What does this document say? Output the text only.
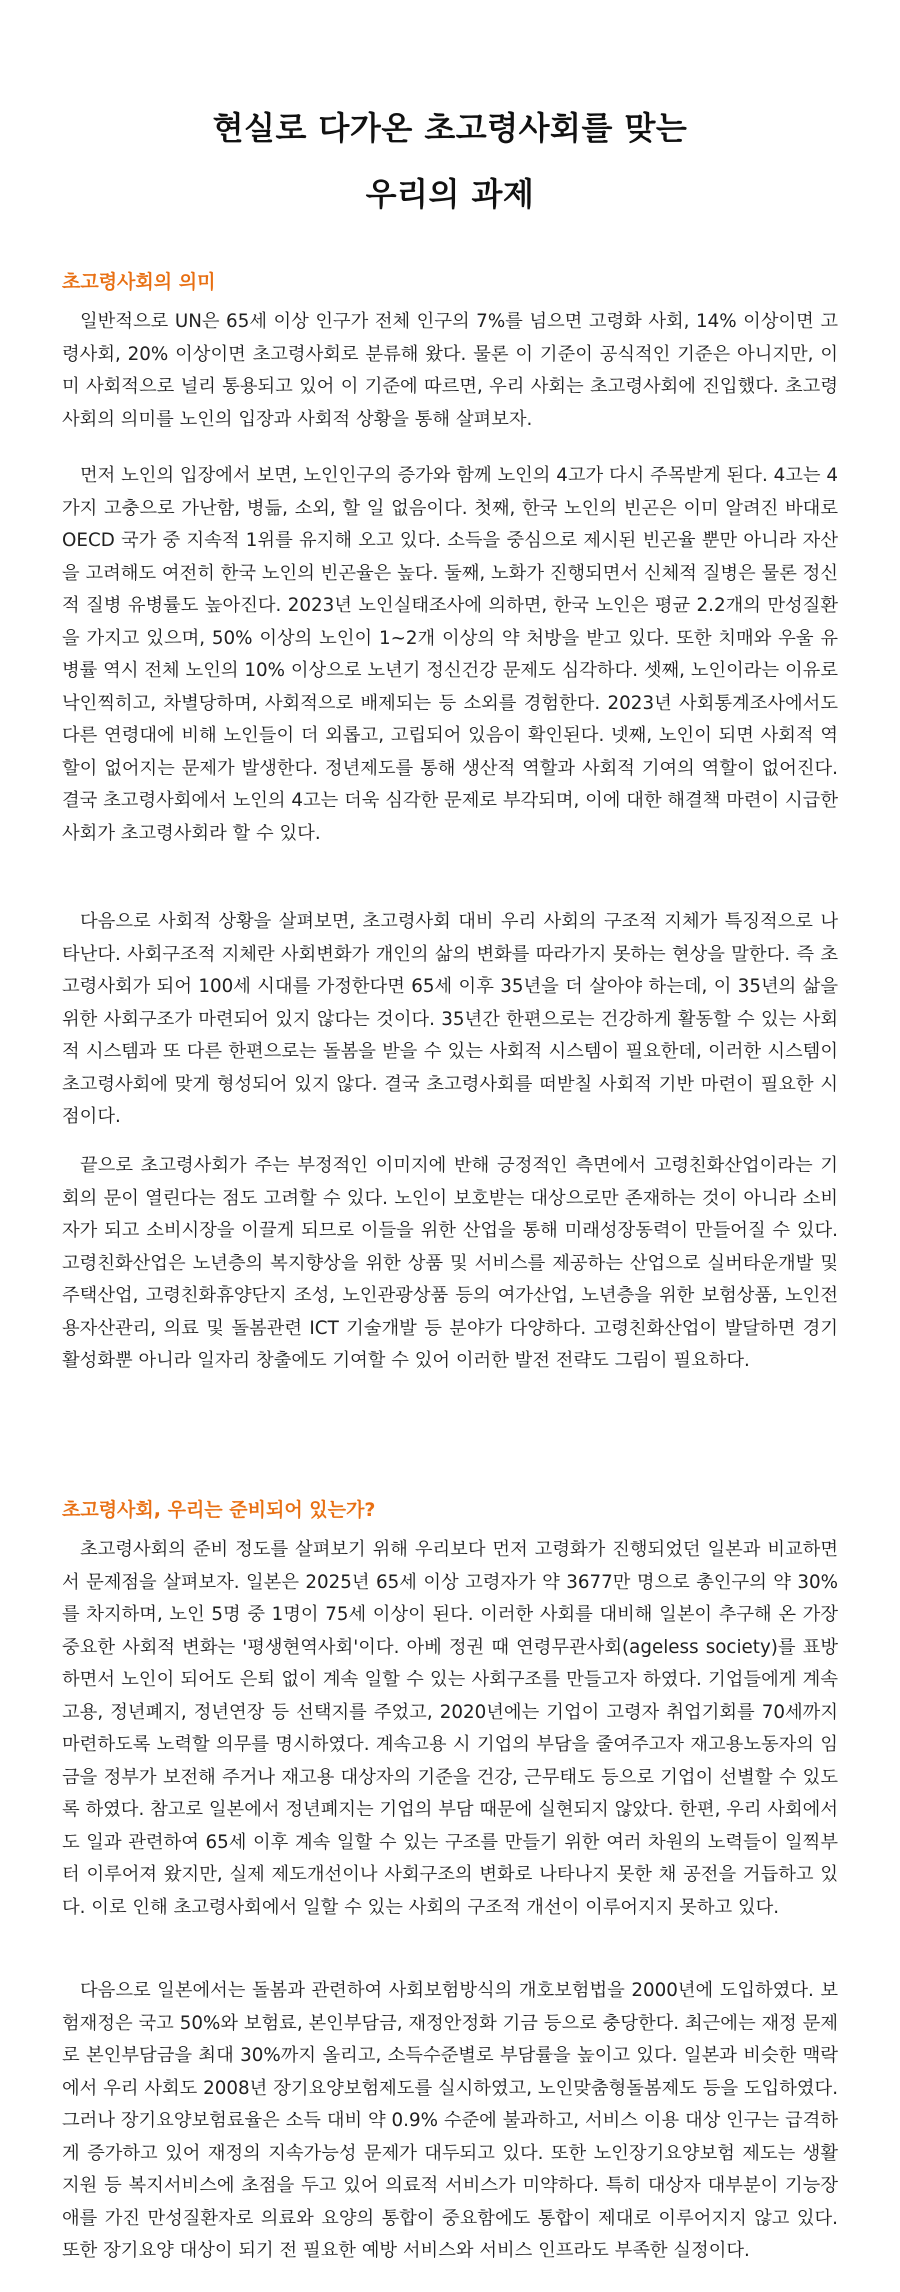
현실로 다가온 초고령사회를 맞는
우리의 과제
초고령사회의 의미

일반적으로 UN은 65세 이상 인구가 전체 인구의 7%를 넘으면 고령화 사회, 14% 이상이면 고령사회, 20% 이상이면 초고령사회로 분류해 왔다. 물론 이 기준이 공식적인 기준은 아니지만, 이미 사회적으로 널리 통용되고 있어 이 기준에 따르면, 우리 사회는 초고령사회에 진입했다. 초고령사회의 의미를 노인의 입장과 사회적 상황을 통해 살펴보자.

먼저 노인의 입장에서 보면, 노인인구의 증가와 함께 노인의 4고가 다시 주목받게 된다. 4고는 4가지 고충으로 가난함, 병듦, 소외, 할 일 없음이다. 첫째, 한국 노인의 빈곤은 이미 알려진 바대로 OECD 국가 중 지속적 1위를 유지해 오고 있다. 소득을 중심으로 제시된 빈곤율 뿐만 아니라 자산을 고려해도 여전히 한국 노인의 빈곤율은 높다. 둘째, 노화가 진행되면서 신체적 질병은 물론 정신적 질병 유병률도 높아진다. 2023년 노인실태조사에 의하면, 한국 노인은 평균 2.2개의 만성질환을 가지고 있으며, 50% 이상의 노인이 1~2개 이상의 약 처방을 받고 있다. 또한 치매와 우울 유병률 역시 전체 노인의 10% 이상으로 노년기 정신건강 문제도 심각하다. 셋째, 노인이라는 이유로 낙인찍히고, 차별당하며, 사회적으로 배제되는 등 소외를 경험한다. 2023년 사회통계조사에서도 다른 연령대에 비해 노인들이 더 외롭고, 고립되어 있음이 확인된다. 넷째, 노인이 되면 사회적 역할이 없어지는 문제가 발생한다. 정년제도를 통해 생산적 역할과 사회적 기여의 역할이 없어진다. 결국 초고령사회에서 노인의 4고는 더욱 심각한 문제로 부각되며, 이에 대한 해결책 마련이 시급한 사회가 초고령사회라 할 수 있다.

다음으로 사회적 상황을 살펴보면, 초고령사회 대비 우리 사회의 구조적 지체가 특징적으로 나타난다. 사회구조적 지체란 사회변화가 개인의 삶의 변화를 따라가지 못하는 현상을 말한다. 즉 초고령사회가 되어 100세 시대를 가정한다면 65세 이후 35년을 더 살아야 하는데, 이 35년의 삶을 위한 사회구조가 마련되어 있지 않다는 것이다. 35년간 한편으로는 건강하게 활동할 수 있는 사회적 시스템과 또 다른 한편으로는 돌봄을 받을 수 있는 사회적 시스템이 필요한데, 이러한 시스템이 초고령사회에 맞게 형성되어 있지 않다. 결국 초고령사회를 떠받칠 사회적 기반 마련이 필요한 시점이다.

끝으로 초고령사회가 주는 부정적인 이미지에 반해 긍정적인 측면에서 고령친화산업이라는 기회의 문이 열린다는 점도 고려할 수 있다. 노인이 보호받는 대상으로만 존재하는 것이 아니라 소비자가 되고 소비시장을 이끌게 되므로 이들을 위한 산업을 통해 미래성장동력이 만들어질 수 있다. 고령친화산업은 노년층의 복지향상을 위한 상품 및 서비스를 제공하는 산업으로 실버타운개발 및 주택산업, 고령친화휴양단지 조성, 노인관광상품 등의 여가산업, 노년층을 위한 보험상품, 노인전용자산관리, 의료 및 돌봄관련 ICT 기술개발 등 분야가 다양하다. 고령친화산업이 발달하면 경기 활성화뿐 아니라 일자리 창출에도 기여할 수 있어 이러한 발전 전략도 그림이 필요하다.

초고령사회, 우리는 준비되어 있는가?

초고령사회의 준비 정도를 살펴보기 위해 우리보다 먼저 고령화가 진행되었던 일본과 비교하면서 문제점을 살펴보자. 일본은 2025년 65세 이상 고령자가 약 3677만 명으로 총인구의 약 30%를 차지하며, 노인 5명 중 1명이 75세 이상이 된다. 이러한 사회를 대비해 일본이 추구해 온 가장 중요한 사회적 변화는 '평생현역사회'이다. 아베 정권 때 연령무관사회(ageless society)를 표방하면서 노인이 되어도 은퇴 없이 계속 일할 수 있는 사회구조를 만들고자 하였다. 기업들에게 계속고용, 정년폐지, 정년연장 등 선택지를 주었고, 2020년에는 기업이 고령자 취업기회를 70세까지 마련하도록 노력할 의무를 명시하였다. 계속고용 시 기업의 부담을 줄여주고자 재고용노동자의 임금을 정부가 보전해 주거나 재고용 대상자의 기준을 건강, 근무태도 등으로 기업이 선별할 수 있도록 하였다. 참고로 일본에서 정년폐지는 기업의 부담 때문에 실현되지 않았다. 한편, 우리 사회에서도 일과 관련하여 65세 이후 계속 일할 수 있는 구조를 만들기 위한 여러 차원의 노력들이 일찍부터 이루어져 왔지만, 실제 제도개선이나 사회구조의 변화로 나타나지 못한 채 공전을 거듭하고 있다. 이로 인해 초고령사회에서 일할 수 있는 사회의 구조적 개선이 이루어지지 못하고 있다.

다음으로 일본에서는 돌봄과 관련하여 사회보험방식의 개호보험법을 2000년에 도입하였다. 보험재정은 국고 50%와 보험료, 본인부담금, 재정안정화 기금 등으로 충당한다. 최근에는 재정 문제로 본인부담금을 최대 30%까지 올리고, 소득수준별로 부담률을 높이고 있다. 일본과 비슷한 맥락에서 우리 사회도 2008년 장기요양보험제도를 실시하였고, 노인맞춤형돌봄제도 등을 도입하였다. 그러나 장기요양보험료율은 소득 대비 약 0.9% 수준에 불과하고, 서비스 이용 대상 인구는 급격하게 증가하고 있어 재정의 지속가능성 문제가 대두되고 있다. 또한 노인장기요양보험 제도는 생활지원 등 복지서비스에 초점을 두고 있어 의료적 서비스가 미약하다. 특히 대상자 대부분이 기능장애를 가진 만성질환자로 의료와 요양의 통합이 중요함에도 통합이 제대로 이루어지지 않고 있다. 또한 장기요양 대상이 되기 전 필요한 예방 서비스와 서비스 인프라도 부족한 실정이다.
